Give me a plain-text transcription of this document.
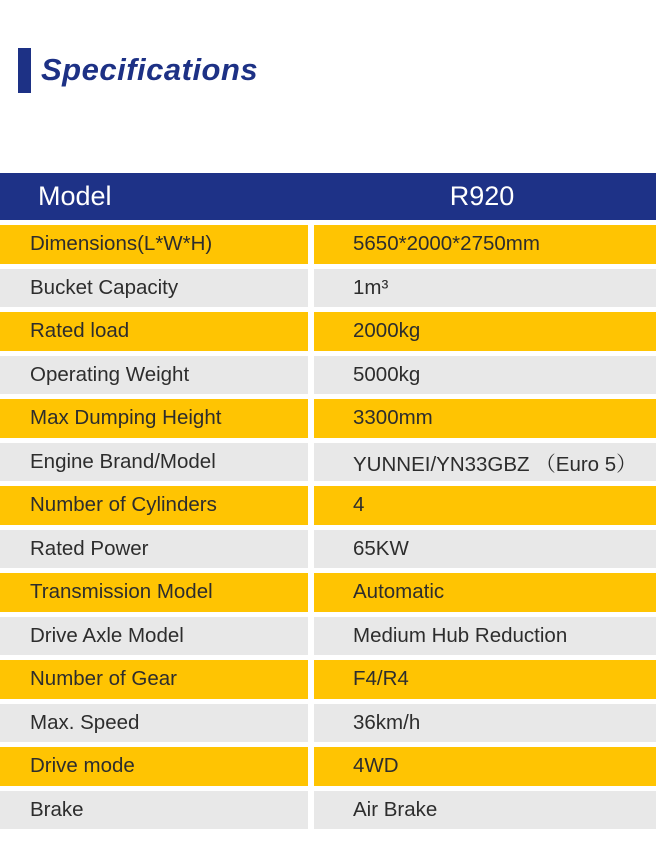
Specifications
Model	R920
Dimensions(L*W*H)	5650*2000*2750mm
Bucket Capacity	1m³
Rated load	2000kg
Operating Weight	5000kg
Max Dumping Height	3300mm
Engine Brand/Model	YUNNEI/YN33GBZ （Euro 5）
Number of Cylinders	4
Rated Power	65KW
Transmission Model	Automatic
Drive Axle Model	Medium Hub Reduction
Number of Gear	F4/R4
Max. Speed	36km/h
Drive mode	4WD
Brake	Air Brake
